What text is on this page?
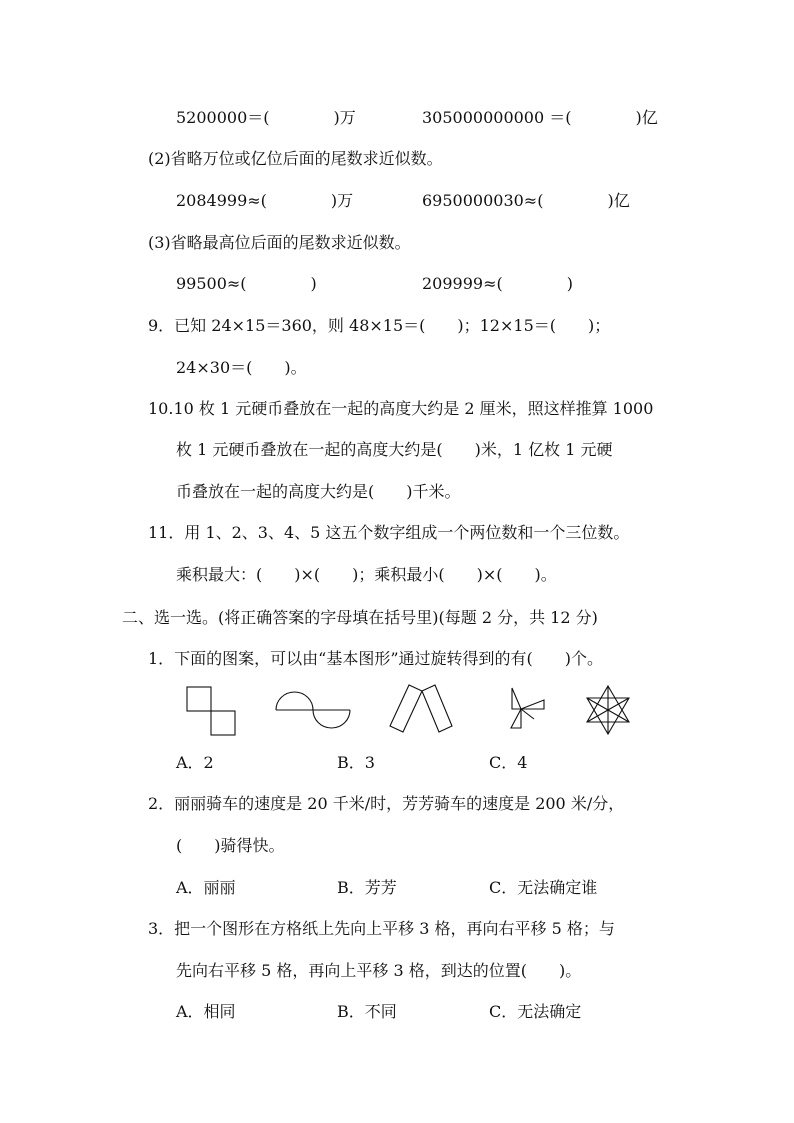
5200000＝(　　　　)万	305000000000 ＝(　　　　)亿
(2)省略万位或亿位后面的尾数求近似数。
2084999≈(　　　　)万	6950000030≈(　　　　)亿
(3)省略最高位后面的尾数求近似数。
99500≈(　　　　)	209999≈(　　　　)
9．已知 24×15＝360，则 48×15＝(　　)；12×15＝(　　)；
24×30＝(　　)。
10.10 枚 1 元硬币叠放在一起的高度大约是 2 厘米，照这样推算 1000
枚 1 元硬币叠放在一起的高度大约是(　　)米，1 亿枚 1 元硬
币叠放在一起的高度大约是(　　)千米。
11．用 1、2、3、4、5 这五个数字组成一个两位数和一个三位数。
乘积最大：(　　)×(　　)；乘积最小(　　)×(　　)。
二、选一选。(将正确答案的字母填在括号里)(每题 2 分，共 12 分)
1．下面的图案，可以由“基本图形”通过旋转得到的有(　　)个。
A．2	B．3	C．4
2．丽丽骑车的速度是 20 千米/时，芳芳骑车的速度是 200 米/分，
(　　)骑得快。
A．丽丽	B．芳芳	C．无法确定谁
3．把一个图形在方格纸上先向上平移 3 格，再向右平移 5 格；与
先向右平移 5 格，再向上平移 3 格，到达的位置(　　)。
A．相同	B．不同	C．无法确定
